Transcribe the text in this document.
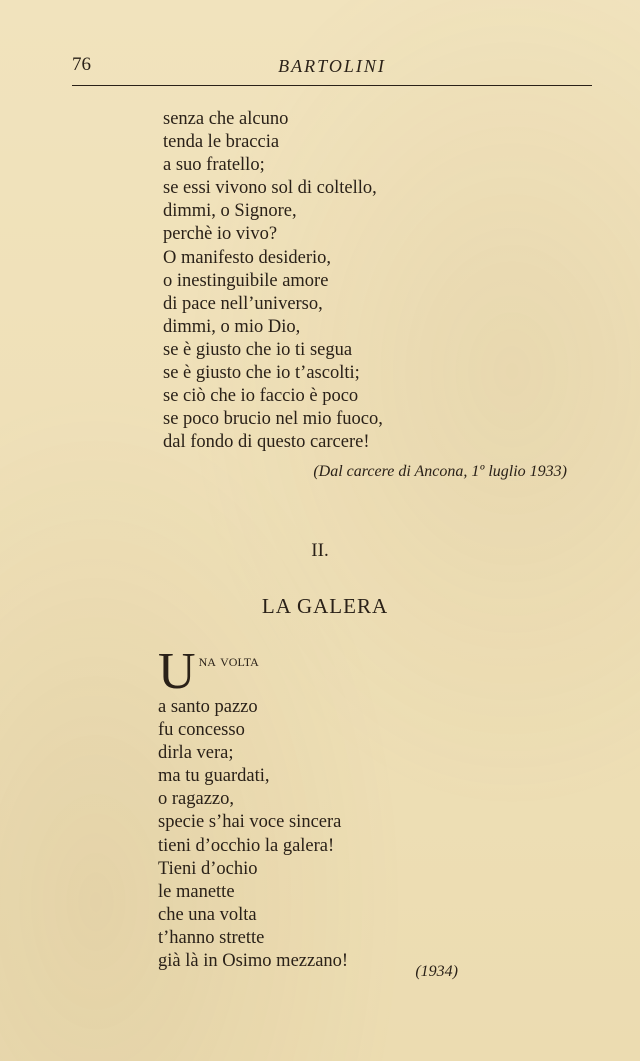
76	BARTOLINI
senza che alcuno
tenda le braccia
a suo fratello;
se essi vivono sol di coltello,
dimmi, o Signore,
perchè io vivo?
O manifesto desiderio,
o inestinguibile amore
di pace nell’universo,
dimmi, o mio Dio,
se è giusto che io ti segua
se è giusto che io t’ascolti;
se ciò che io faccio è poco
se poco brucio nel mio fuoco,
dal fondo di questo carcere!
(Dal carcere di Ancona, 1º luglio 1933)
II.
LA GALERA
U na volta
a santo pazzo
fu concesso
dirla vera;
ma tu guardati,
o ragazzo,
specie s’hai voce sincera
tieni d’occhio la galera!
Tieni d’ochio
le manette
che una volta
t’hanno strette
già là in Osimo mezzano!
(1934)
